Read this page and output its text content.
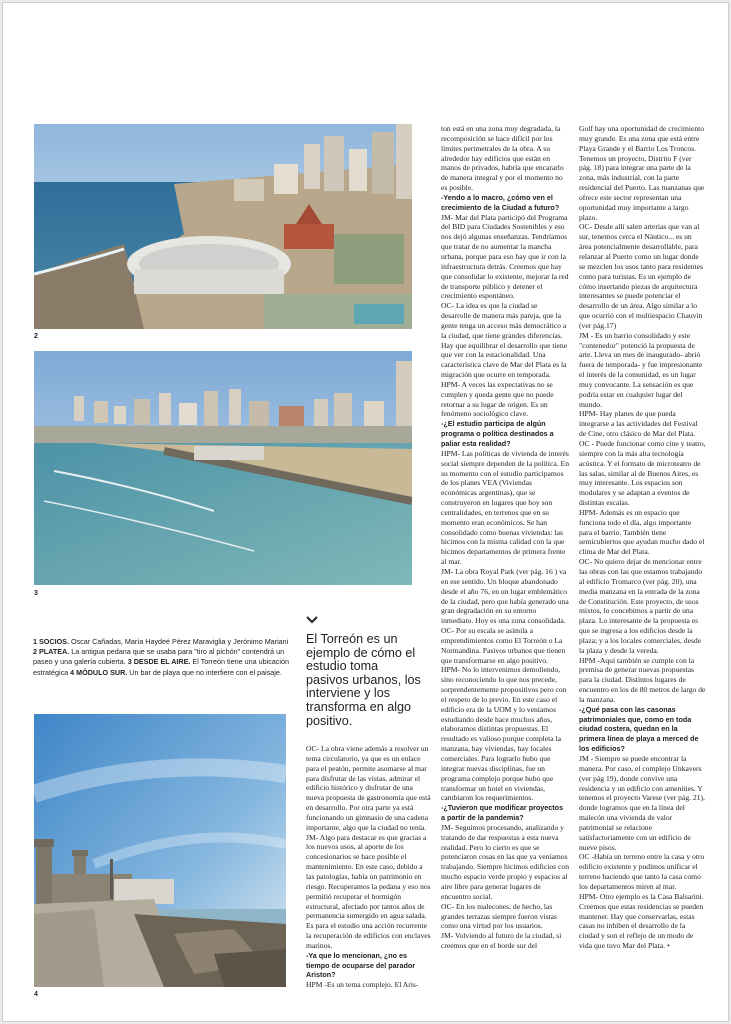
2
3
4
1 SOCIOS. Oscar Cañadas, María Haydeé Pérez Maraviglia y Jerónimo Mariani 2 PLATEA. La antigua pedana que se usaba para "tiro al pichón" contendrá un paseo y una galería cubierta. 3 DESDE EL AIRE. El Torreón tiene una ubicación estratégica 4 MÓDULO SUR. Un bar de playa que no interfiere con el paisaje.

El Torreón es un ejemplo de cómo el estudio toma pasivos urbanos, los interviene y los transforma en algo positivo.

ton está en una zona muy degradada, la recomposición se hace difícil por los límites perimetrales de la obra. A su alrededor hay edificios que están en manos de privados, habría que encararlo de manera integral y por el momento no es posible.

-Yendo a lo macro, ¿cómo ven el crecimiento de la Ciudad a futuro?

JM- Mar del Plata participó del Programa del BID para Ciudades Sostenibles y eso nos dejó algunas enseñanzas. Tendríamos que tratar de no aumentar la mancha urbana, porque para eso hay que ir con la infraestructura detrás. Creemos que hay que consolidar lo existente, mejorar la red de transporte público y detener el crecimiento espontáneo.

OC- La idea es que la ciudad se desarrolle de manera más pareja, que la gente tenga un acceso más democrático a la ciudad, que tiene grandes diferencias. Hay que equilibrar el desarrollo que tiene que ver con la estacionalidad. Una característica clave de Mar del Plata es la migración que ocurre en temporada.

HPM- A veces las expectativas no se cumplen y queda gente que no puede retornar a su lugar de origen. Es un fenómeno sociológico clave.

-¿El estudio participa de algún programa o política destinados a paliar esta realidad?

HPM- Las políticas de vivienda de interés social siempre dependen de la política. En su momento con el estudio participamos de los planes VEA (Viviendas económicas argentinas), que se construyeron en lugares que hoy son centralidades, en terrenos que en su momento eran económicos. Se han consolidado como buenas viviendas: las hicimos con la misma calidad con la que hicimos departamentos de primera frente al mar.

JM- La obra Royal Park (ver pág. 16 ) va en ese sentido. Un bloque abandonado desde el año 76, en un lugar emblemático de la ciudad, pero que había generado una gran degradación en su entorno inmediato. Hoy es una zona consolidada.

OC- Por su escala se asimila a emprendimientos como El Torreón o La Normandina. Pasivos urbanos que tienen que transformarse en algo positivo.

HPM- No lo intervenimos demoliendo, sino reconociendo lo que nos precede, sorprendentemente propositivos pero con el respeto de lo previo. En este caso el edificio era de la UOM y lo veníamos estudiando desde hace muchos años, elaboramos distintas propuestas. El resultado es valioso porque completa la manzana, hay viviendas, hay locales comerciales. Para lograrlo hubo que integrar nuevas disciplinas, fue un programa complejo porque hubo que transformar un hotel en viviendas, cambiaron los requerimientos.

-¿Tuvieron que modificar proyectos a partir de la pandemia?

JM- Seguimos procesando, analizando y tratando de dar respuestas a esta nueva realidad. Pero lo cierto es que se potenciaron cosas en las que ya veníamos trabajando. Siempre hicimos edificios con mucho espacio verde propio y espacios al aire libre para generar lugares de encuentro social.

OC- En los malecones, de hecho, las grandes terrazas siempre fueron vistas como una virtud por los usuarios.

JM- Volviendo al futuro de la ciudad, si creemos que en el borde sur del

Golf hay una oportunidad de crecimiento muy grande. Es una zona que está entre Playa Grande y el Barrio Los Troncos. Tenemos un proyecto, Distrito F (ver pág. 18) para integrar una parte de la zona, más industrial, con la parte residencial del Puerto. Las manzanas que ofrece este sector representan una oportunidad muy importante a largo plazo.

OC- Desde allí salen arterias que van al sur, tenemos cerca el Náutico... es un área potencialmente desarrollable, para relanzar al Puerto como un lugar donde se mezclen los usos tanto para residentes como para turistas. Es un ejemplo de cómo insertando piezas de arquitectura interesantes se puede potenciar el desarrollo de un área. Algo similar a lo que ocurrió con el multiespacio Chauvín (ver pág.17)

JM - Es un barrio consolidado y este "contenedor" potenció la propuesta de arte. Lleva un mes de inaugurado- abrió fuera de temporada- y fue impresionante el interés de la comunidad, es un lugar muy convocante. La sensación es que podría estar en cualquier lugar del mundo.

HPM- Hay planes de que pueda integrarse a las actividades del Festival de Cine, otro clásico de Mar del Plata.

OC - Puede funcionar como cine y teatro, siempre con la más alta tecnología acústica. Y el formato de microteatro de las salas, similar al de Buenos Aires, es muy interesante. Los espacios son modulares y se adaptan a eventos de distintas escalas.

HPM- Además es un espacio que funciona todo el día, algo importante para el barrio. También tiene semicubiertos que ayudan mucho dado el clima de Mar del Plata.

OC- No quiero dejar de mencionar entre las obras con las que estamos trabajando al edificio Tromarco (ver pág. 20), una media manzana en la entrada de la zona de Constitución. Este proyecto, de usos mixtos, lo concebimos a partir de una plaza. Lo interesante de la propuesta es que se ingresa a los edificios desde la plaza; y a los locales comerciales, desde la plaza y desde la vereda.

HPM -Aquí también se cumple con la premisa de generar nuevas propuestas para la ciudad. Distintos lugares de encuentro en los de 80 metros de largo de la manzana.

-¿Qué pasa con las casonas patrimoniales que, como en toda ciudad costera, quedan en la primera línea de playa a merced de los edificios?

JM - Siempre se puede encontrar la manera. Por caso, el complejo Unkavers (ver pág 19), donde convive una residencia y un edificio con amenities. Y tenemos el proyecto Varese (ver pág. 21), donde logramos que en la línea del malecón una vivienda de valor patrimonial se relacione satisfactoriamente con un edificio de nueve pisos.

OC -Había un terreno entre la casa y otro edificio existente y pudimos unificar el terreno haciendo que tanto la casa como los departamentos miren al mar.

HPM- Otro ejemplo es la Casa Balsarini. Creemos que estas residencias se pueden mantener. Hay que conservarlas, estas casas no inhiben el desarrollo de la ciudad y son el reflejo de un modo de vida que tuvo Mar del Plata. •

OC- La obra viene además a resolver un tema circulatorio, ya que es un enlace para el peatón, permite asomarse al mar para disfrutar de las vistas, admirar el edificio histórico y disfrutar de una nueva propuesta de gastronomía que está en desarrollo. Por otra parte ya está funcionando un gimnasio de una cadena importante, algo que la ciudad no tenía.

JM- Algo para destacar es que gracias a los nuevos usos, al aporte de los concesionarios se hace posible el mantenimiento. En este caso, debido a las patologías, había un patrimonio en riesgo. Recuperamos la pedana y eso nos permitió recuperar el hormigón estructural, afectado por tantos años de permanencia sumergido en agua salada. Es para el estudio una acción recurrente la recuperación de edificios con enclaves marinos.

-Ya que lo mencionan, ¿no es tiempo de ocuparse del parador Ariston?

HPM -Es un tema complejo. El Aris-
